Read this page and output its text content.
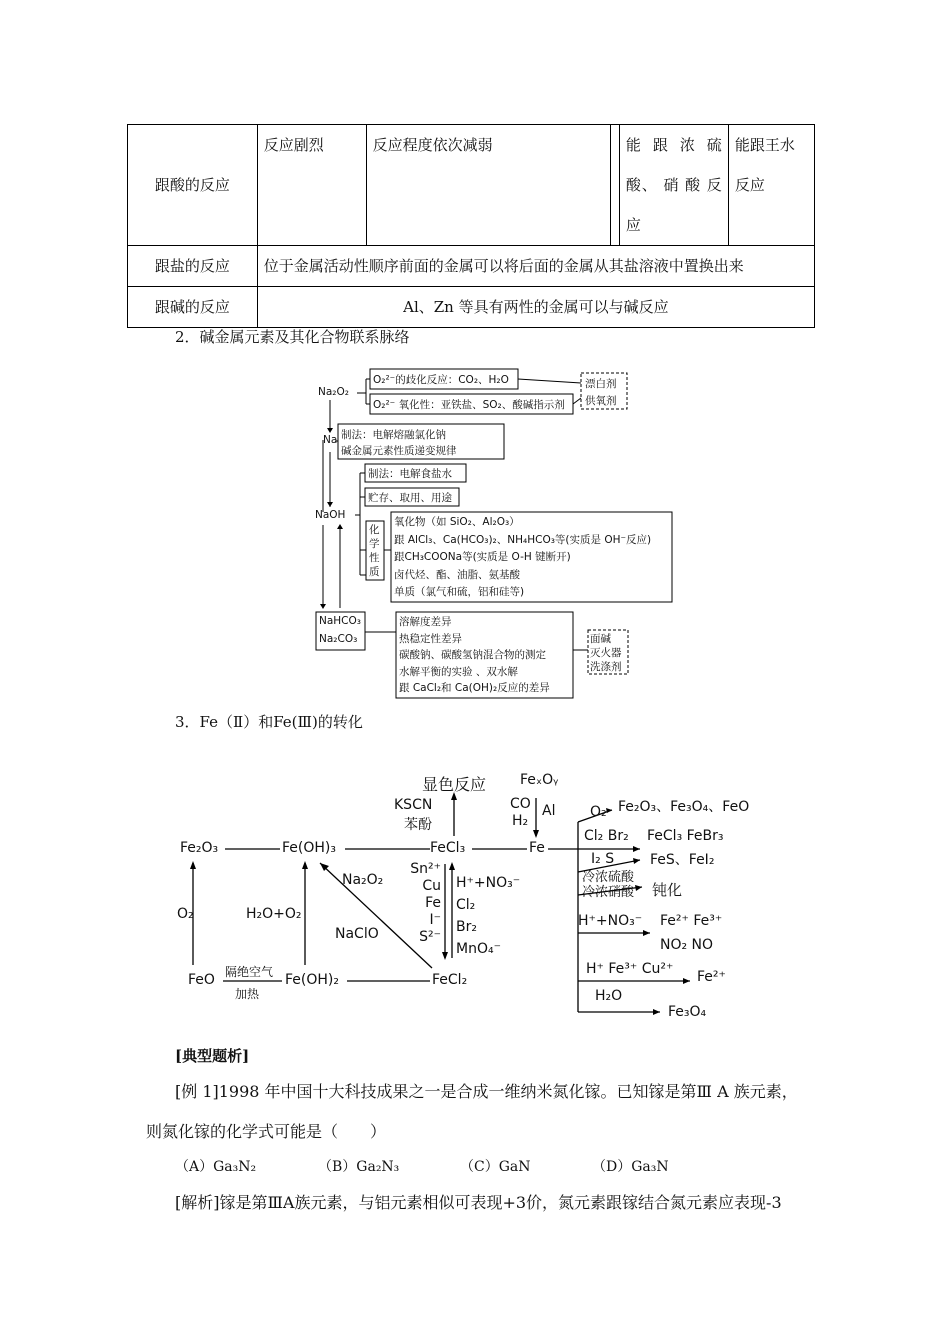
跟酸的反应	反应剧烈	反应程度依次减弱		能 跟 浓 硫 酸、 硝 酸 反 应	能跟王水反应
跟盐的反应	位于金属活动性顺序前面的金属可以将后面的金属从其盐溶液中置换出来				
跟碱的反应	Al、Zn 等具有两性的金属可以与碱反应				
2．碱金属元素及其化合物联系脉络
Na₂O₂
Na
NaOH
NaHCO₃
Na₂CO₃
O₂²⁻的歧化反应：CO₂、H₂O
O₂²⁻ 氧化性：亚铁盐、SO₂、酸碱指示剂
漂白剂
供氧剂
制法：电解熔融氯化钠
碱金属元素性质递变规律
制法：电解食盐水
贮存、取用、用途
化
学
性
质
氧化物（如 SiO₂、Al₂O₃）
跟 AlCl₃、Ca(HCO₃)₂、NH₄HCO₃等(实质是 OH⁻反应)
跟CH₃COONa等(实质是 O-H 键断开)
卤代烃、酯、油脂、氨基酸
单质（氯气和硫，铝和硅等)
溶解度差异
热稳定性差异
碳酸钠、碳酸氢钠混合物的测定
水解平衡的实验 、双水解
跟 CaCl₂和 Ca(OH)₂反应的差异
面碱
灭火器
洗涤剂
3．Fe（Ⅱ）和Fe(Ⅲ)的转化
显色反应
KSCN
苯酚
FeₓOᵧ
CO
H₂
Al
Fe₂O₃	Fe(OH)₃	FeCl₃	Fe
FeO	Fe(OH)₂	FeCl₂
O₂	H₂O+O₂
Na₂O₂
NaClO
隔绝空气
加热
Sn²⁺
Cu
Fe
I⁻
S²⁻
H⁺+NO₃⁻
Cl₂
Br₂
MnO₄⁻
O₂ Fe₂O₃、Fe₃O₄、FeO
Cl₂ Br₂ FeCl₃ FeBr₃
I₂ S	FeS、FeI₂
冷浓硫酸
冷浓硝酸 钝化
H⁺+NO₃⁻ Fe²⁺ Fe³⁺
NO₂ NO
H⁺ Fe³⁺ Cu²⁺ Fe²⁺
H₂O
Fe₃O₄
[典型题析]
[例 1]1998 年中国十大科技成果之一是合成一维纳米氮化镓。已知镓是第Ⅲ A 族元素，
则氮化镓的化学式可能是（　　）
（A）Ga₃N₂	（B）Ga₂N₃	（C）GaN	（D）Ga₃N
[解析]镓是第ⅢA族元素，与铝元素相似可表现+3价，氮元素跟镓结合氮元素应表现-3
